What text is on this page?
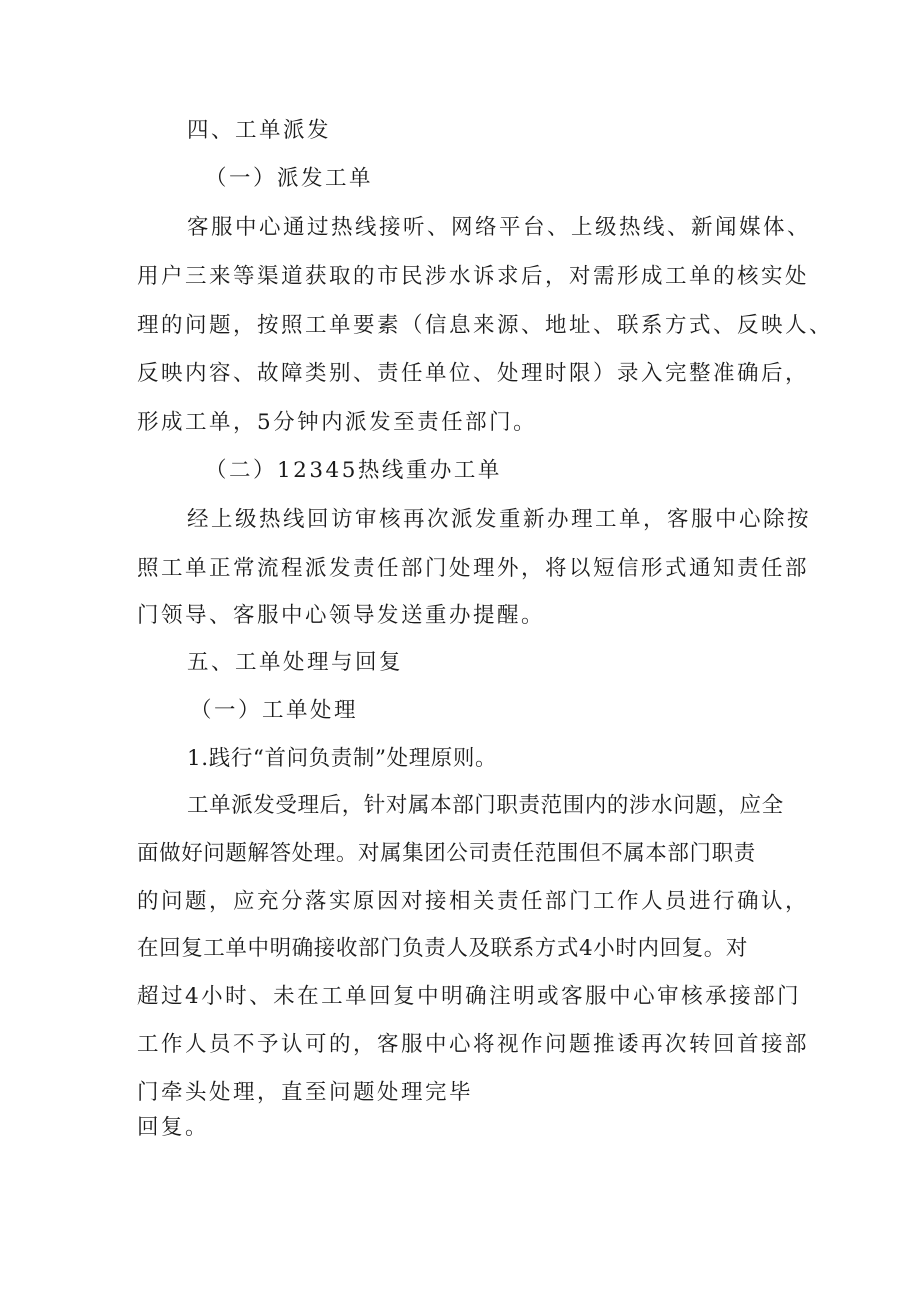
四、工单派发
（一）派发工单
客服中心通过热线接听、网络平台、上级热线、新闻媒体、
用户三来等渠道获取的市民涉水诉求后，对需形成工单的核实处
理的问题，按照工单要素（信息来源、地址、联系方式、反映人、
反映内容、故障类别、责任单位、处理时限）录入完整准确后，
形成工单，5分钟内派发至责任部门。
（二）12345热线重办工单
经上级热线回访审核再次派发重新办理工单，客服中心除按
照工单正常流程派发责任部门处理外，将以短信形式通知责任部
门领导、客服中心领导发送重办提醒。
五、工单处理与回复
（一）工单处理
1.践行“首问负责制”处理原则。
工单派发受理后，针对属本部门职责范围内的涉水问题，应全
面做好问题解答处理。对属集团公司责任范围但不属本部门职责
的问题，应充分落实原因对接相关责任部门工作人员进行确认，
在回复工单中明确接收部门负责人及联系方式4小时内回复。对
超过4小时、未在工单回复中明确注明或客服中心审核承接部门
工作人员不予认可的，客服中心将视作问题推诿再次转回首接部
门牵头处理，直至问题处理完毕
回复。
